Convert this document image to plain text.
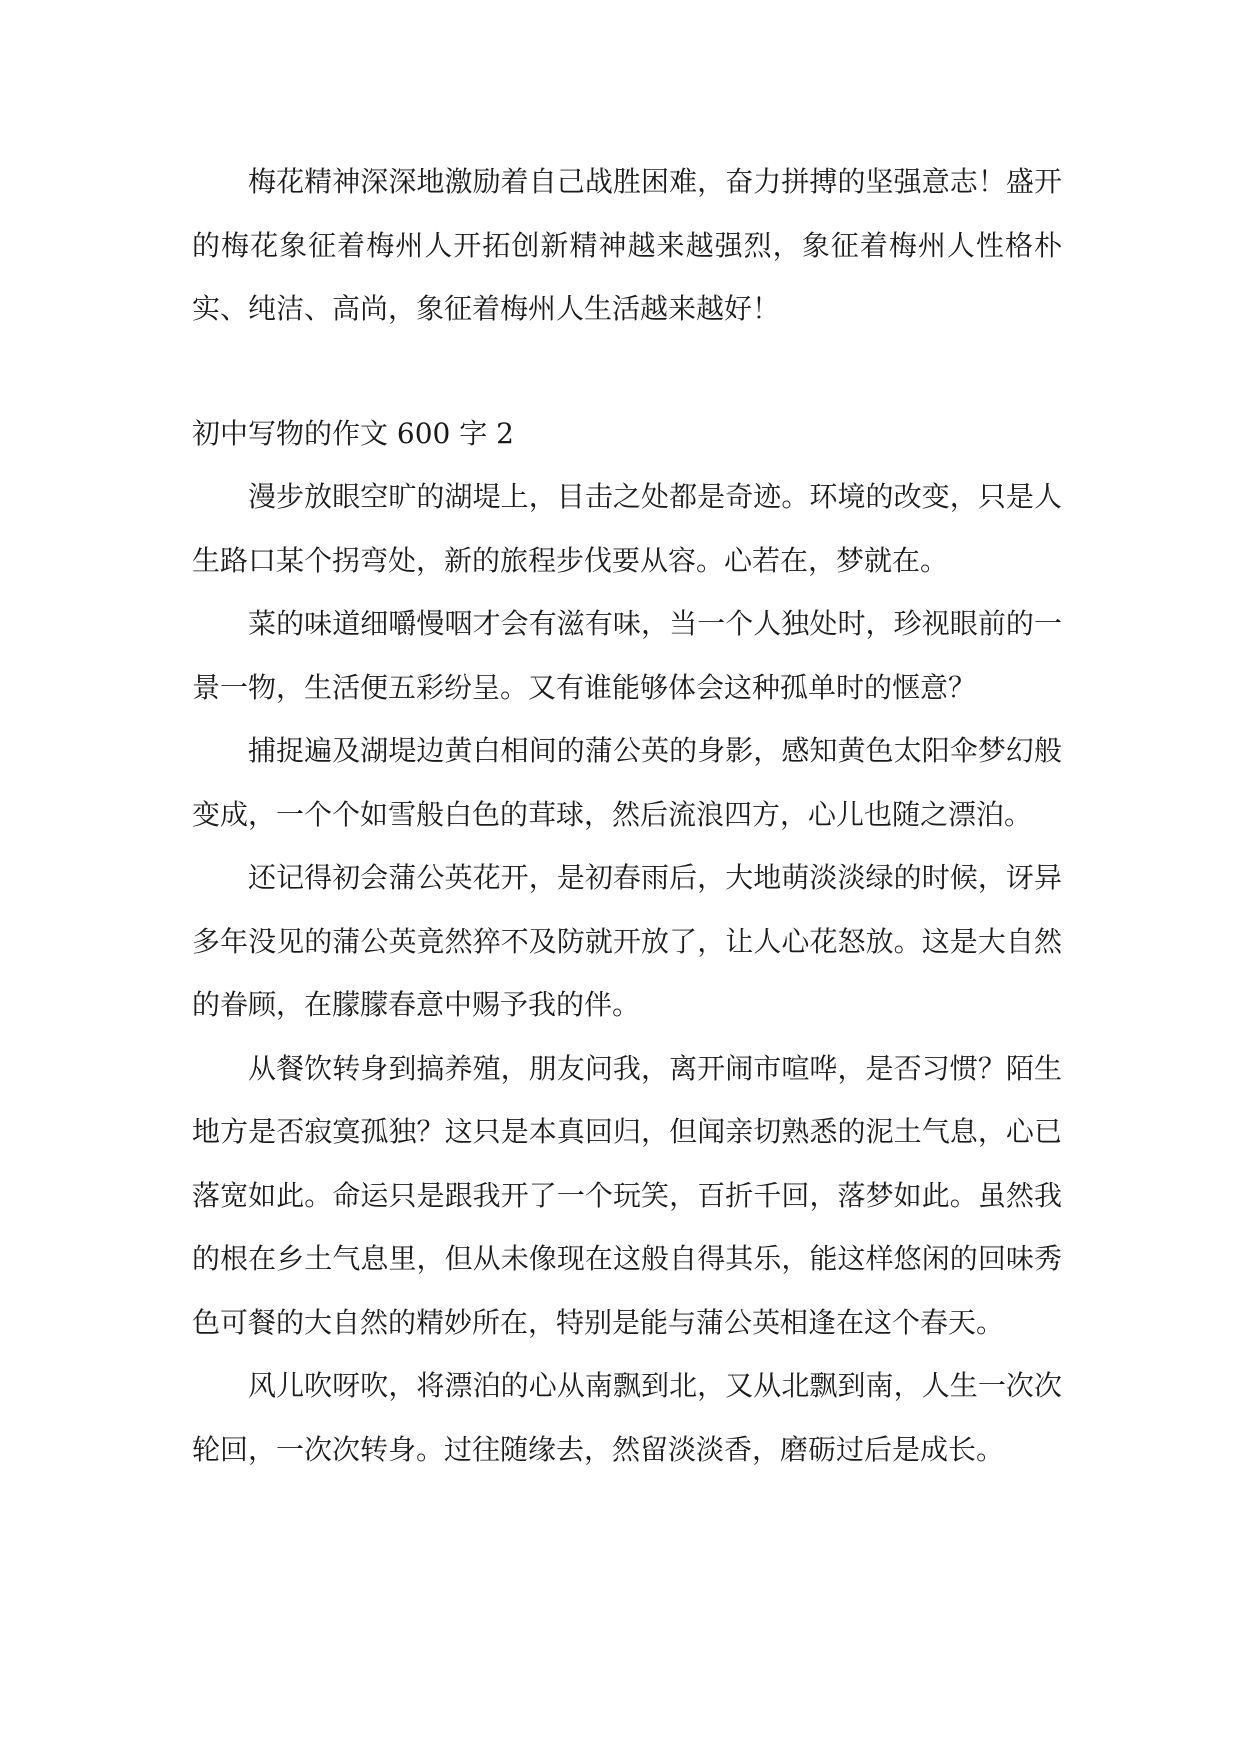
梅花精神深深地激励着自己战胜困难，奋力拼搏的坚强意志！盛开的梅花象征着梅州人开拓创新精神越来越强烈，象征着梅州人性格朴实、纯洁、高尚，象征着梅州人生活越来越好！

初中写物的作文 600 字 2

漫步放眼空旷的湖堤上，目击之处都是奇迹。环境的改变，只是人生路口某个拐弯处，新的旅程步伐要从容。心若在，梦就在。

菜的味道细嚼慢咽才会有滋有味，当一个人独处时，珍视眼前的一景一物，生活便五彩纷呈。又有谁能够体会这种孤单时的惬意？

捕捉遍及湖堤边黄白相间的蒲公英的身影，感知黄色太阳伞梦幻般变成，一个个如雪般白色的茸球，然后流浪四方，心儿也随之漂泊。

还记得初会蒲公英花开，是初春雨后，大地萌淡淡绿的时候，讶异多年没见的蒲公英竟然猝不及防就开放了，让人心花怒放。这是大自然的眷顾，在朦朦春意中赐予我的伴。

从餐饮转身到搞养殖，朋友问我，离开闹市喧哗，是否习惯？陌生地方是否寂寞孤独？这只是本真回归，但闻亲切熟悉的泥土气息，心已落宽如此。命运只是跟我开了一个玩笑，百折千回，落梦如此。虽然我的根在乡土气息里，但从未像现在这般自得其乐，能这样悠闲的回味秀色可餐的大自然的精妙所在，特别是能与蒲公英相逢在这个春天。

风儿吹呀吹，将漂泊的心从南飘到北，又从北飘到南，人生一次次轮回，一次次转身。过往随缘去，然留淡淡香，磨砺过后是成长。
